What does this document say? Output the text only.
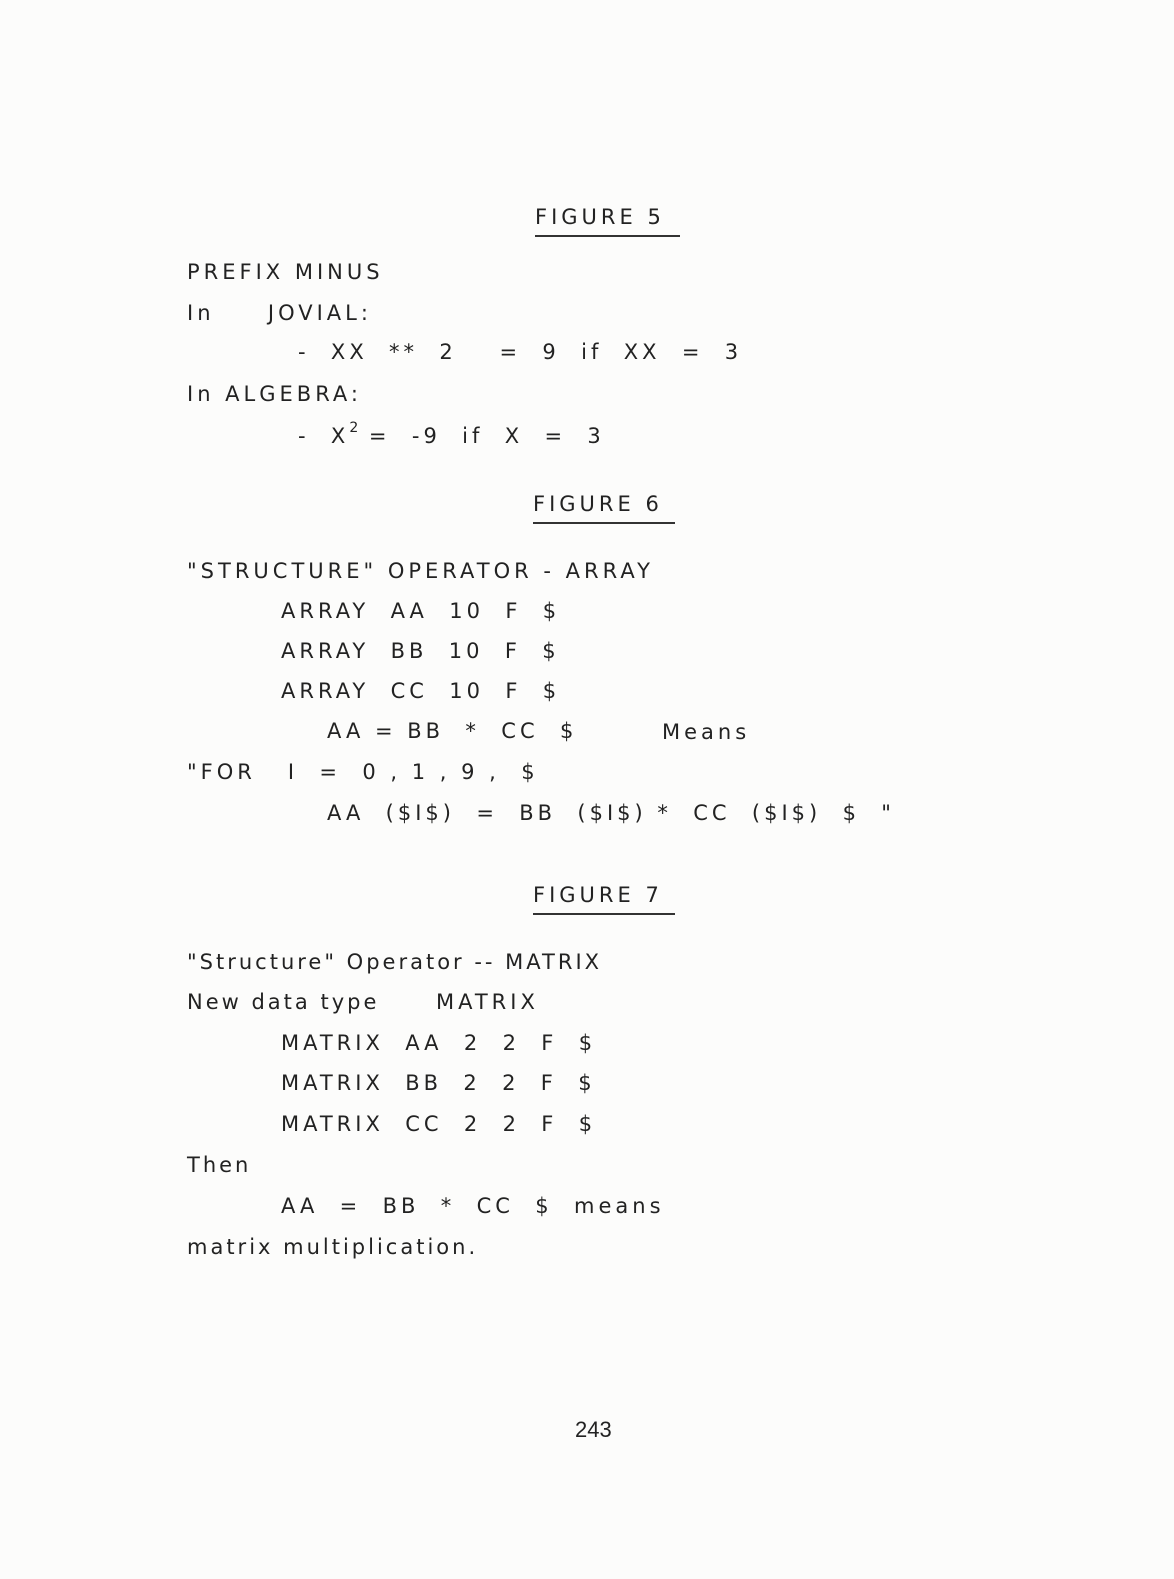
FIGURE 5
PREFIX MINUS
In     JOVIAL:
-  XX  **  2    =  9  if  XX  =  3
In ALGEBRA:
-  $X^2 = -9$  if  X  =  3
FIGURE 6
"STRUCTURE" OPERATOR - ARRAY
ARRAY  AA  10  F  $
ARRAY  BB  10  F  $
ARRAY  CC  10  F  $
AA = BB  *  CC  $	Means
"FOR   I  =  0 , 1 , 9 ,  $
AA  ($I$)  =  BB  ($I$) *  CC  ($I$)  $  "
FIGURE 7
"Structure" Operator -- MATRIX
New data type	MATRIX
MATRIX  AA  2  2  F  $
MATRIX  BB  2  2  F  $
MATRIX  CC  2  2  F  $
Then
AA  =  BB  *  CC  $  means
matrix multiplication.
243
